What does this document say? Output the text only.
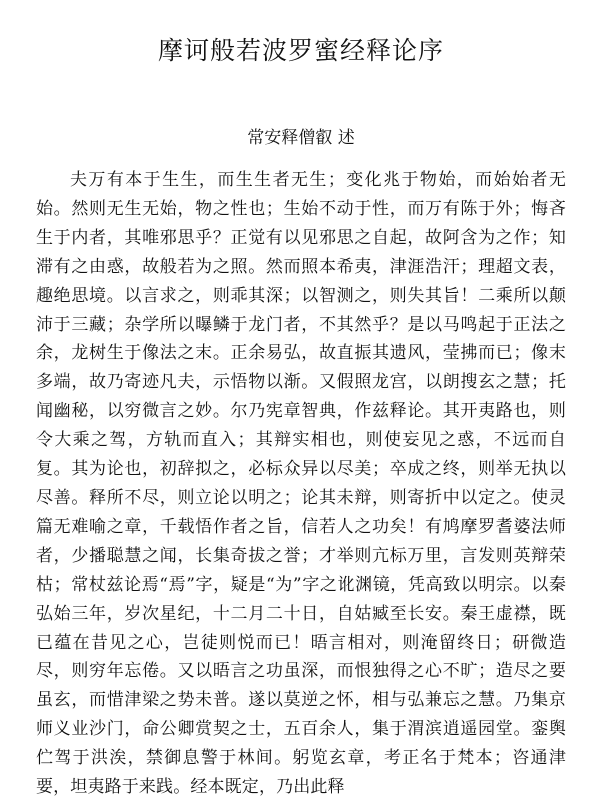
摩诃般若波罗蜜经释论序

常安释僧叡 述

夫万有本于生生，而生生者无生；变化兆于物始，而始始者无始。然则无生无始，物之性也；生始不动于性，而万有陈于外；悔吝生于内者，其唯邪思乎？正觉有以见邪思之自起，故阿含为之作；知滞有之由惑，故般若为之照。然而照本希夷，津涯浩汗；理超文表，趣绝思境。以言求之，则乖其深；以智测之，则失其旨！二乘所以颠沛于三藏；杂学所以曝鳞于龙门者，不其然乎？是以马鸣起于正法之余，龙树生于像法之末。正余易弘，故直振其遗风，莹拂而已；像末多端，故乃寄迹凡夫，示悟物以渐。又假照龙宫，以朗搜玄之慧；托闻幽秘，以穷微言之妙。尔乃宪章智典，作兹释论。其开夷路也，则令大乘之驾，方轨而直入；其辩实相也，则使妄见之惑，不远而自复。其为论也，初辞拟之，必标众异以尽美；卒成之终，则举无执以尽善。释所不尽，则立论以明之；论其未辩，则寄折中以定之。使灵篇无难喻之章，千载悟作者之旨，信若人之功矣！有鸠摩罗耆婆法师者，少播聪慧之闻，长集奇拔之誉；才举则亢标万里，言发则英辩荣枯；常杖兹论焉“焉”字，疑是“为”字之讹渊镜，凭高致以明宗。以秦弘始三年，岁次星纪，十二月二十日，自姑臧至长安。秦王虚襟，既已蕴在昔见之心，岂徒则悦而已！晤言相对，则淹留终日；研微造尽，则穷年忘倦。又以晤言之功虽深，而恨独得之心不旷；造尽之要虽玄，而惜津梁之势未普。遂以莫逆之怀，相与弘兼忘之慧。乃集京师义业沙门，命公卿赏契之士，五百余人，集于渭滨逍遥园堂。銮舆伫驾于洪涘，禁御息警于林间。躬览玄章，考正名于梵本；咨通津要，坦夷路于来践。经本既定，乃出此释
